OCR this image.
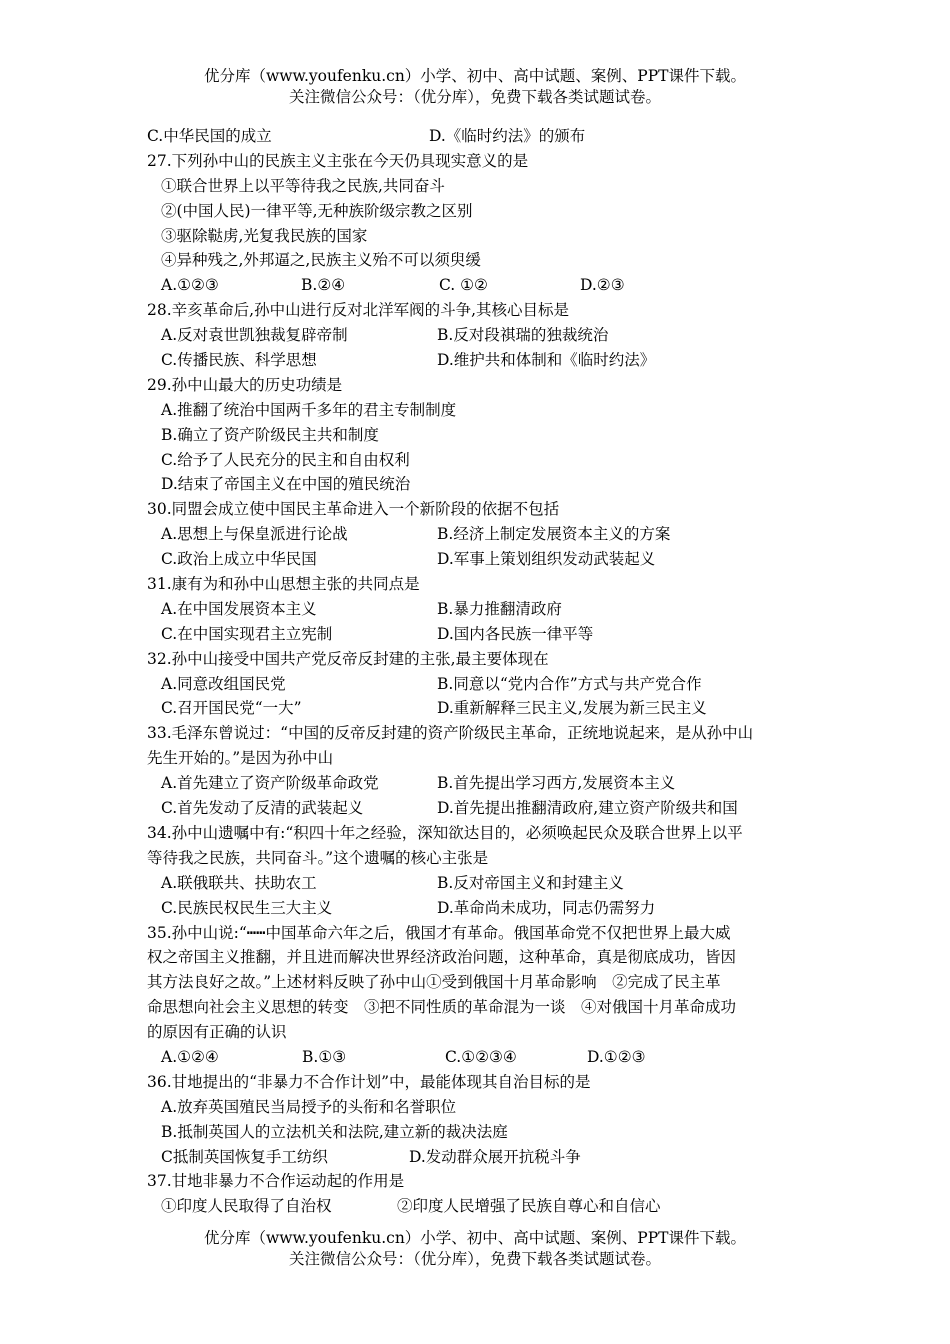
优分库（www.youfenku.cn）小学、初中、高中试题、案例、PPT课件下载。
关注微信公众号：（优分库），免费下载各类试题试卷。
C.中华民国的成立	D.《临时约法》的颁布
27.下列孙中山的民族主义主张在今天仍具现实意义的是
①联合世界上以平等待我之民族,共同奋斗
②(中国人民)一律平等,无种族阶级宗教之区别
③驱除鞑虏,光复我民族的国家
④异种残之,外邦逼之,民族主义殆不可以须臾缓
A.①②③	B.②④	C. ①②	D.②③
28.辛亥革命后,孙中山进行反对北洋军阀的斗争,其核心目标是
A.反对袁世凯独裁复辟帝制	B.反对段祺瑞的独裁统治
C.传播民族、科学思想	D.维护共和体制和《临时约法》
29.孙中山最大的历史功绩是
A.推翻了统治中国两千多年的君主专制制度
B.确立了资产阶级民主共和制度
C.给予了人民充分的民主和自由权利
D.结束了帝国主义在中国的殖民统治
30.同盟会成立使中国民主革命进入一个新阶段的依据不包括
A.思想上与保皇派进行论战	B.经济上制定发展资本主义的方案
C.政治上成立中华民国	D.军事上策划组织发动武装起义
31.康有为和孙中山思想主张的共同点是
A.在中国发展资本主义	B.暴力推翻清政府
C.在中国实现君主立宪制	D.国内各民族一律平等
32.孙中山接受中国共产党反帝反封建的主张,最主要体现在
A.同意改组国民党	B.同意以“党内合作”方式与共产党合作
C.召开国民党“一大”	D.重新解释三民主义,发展为新三民主义
33.毛泽东曾说过：“中国的反帝反封建的资产阶级民主革命，正统地说起来，是从孙中山
先生开始的。”是因为孙中山
A.首先建立了资产阶级革命政党	B.首先提出学习西方,发展资本主义
C.首先发动了反清的武装起义	D.首先提出推翻清政府,建立资产阶级共和国
34.孙中山遗嘱中有:“积四十年之经验，深知欲达目的，必须唤起民众及联合世界上以平
等待我之民族，共同奋斗。”这个遗嘱的核心主张是
A.联俄联共、扶助农工	B.反对帝国主义和封建主义
C.民族民权民生三大主义	D.革命尚未成功，同志仍需努力
35.孙中山说:“┅┅中国革命六年之后，俄国才有革命。俄国革命党不仅把世界上最大威
权之帝国主义推翻，并且进而解决世界经济政治问题，这种革命，真是彻底成功，皆因
其方法良好之故。”上述材料反映了孙中山①受到俄国十月革命影响　②完成了民主革
命思想向社会主义思想的转变　③把不同性质的革命混为一谈　④对俄国十月革命成功
的原因有正确的认识
A.①②④	B.①③	C.①②③④	D.①②③
36.甘地提出的“非暴力不合作计划”中，最能体现其自治目标的是
A.放弃英国殖民当局授予的头衔和名誉职位
B.抵制英国人的立法机关和法院,建立新的裁决法庭
C抵制英国恢复手工纺织	D.发动群众展开抗税斗争
37.甘地非暴力不合作运动起的作用是
①印度人民取得了自治权	②印度人民增强了民族自尊心和自信心
优分库（www.youfenku.cn）小学、初中、高中试题、案例、PPT课件下载。
关注微信公众号：（优分库），免费下载各类试题试卷。
